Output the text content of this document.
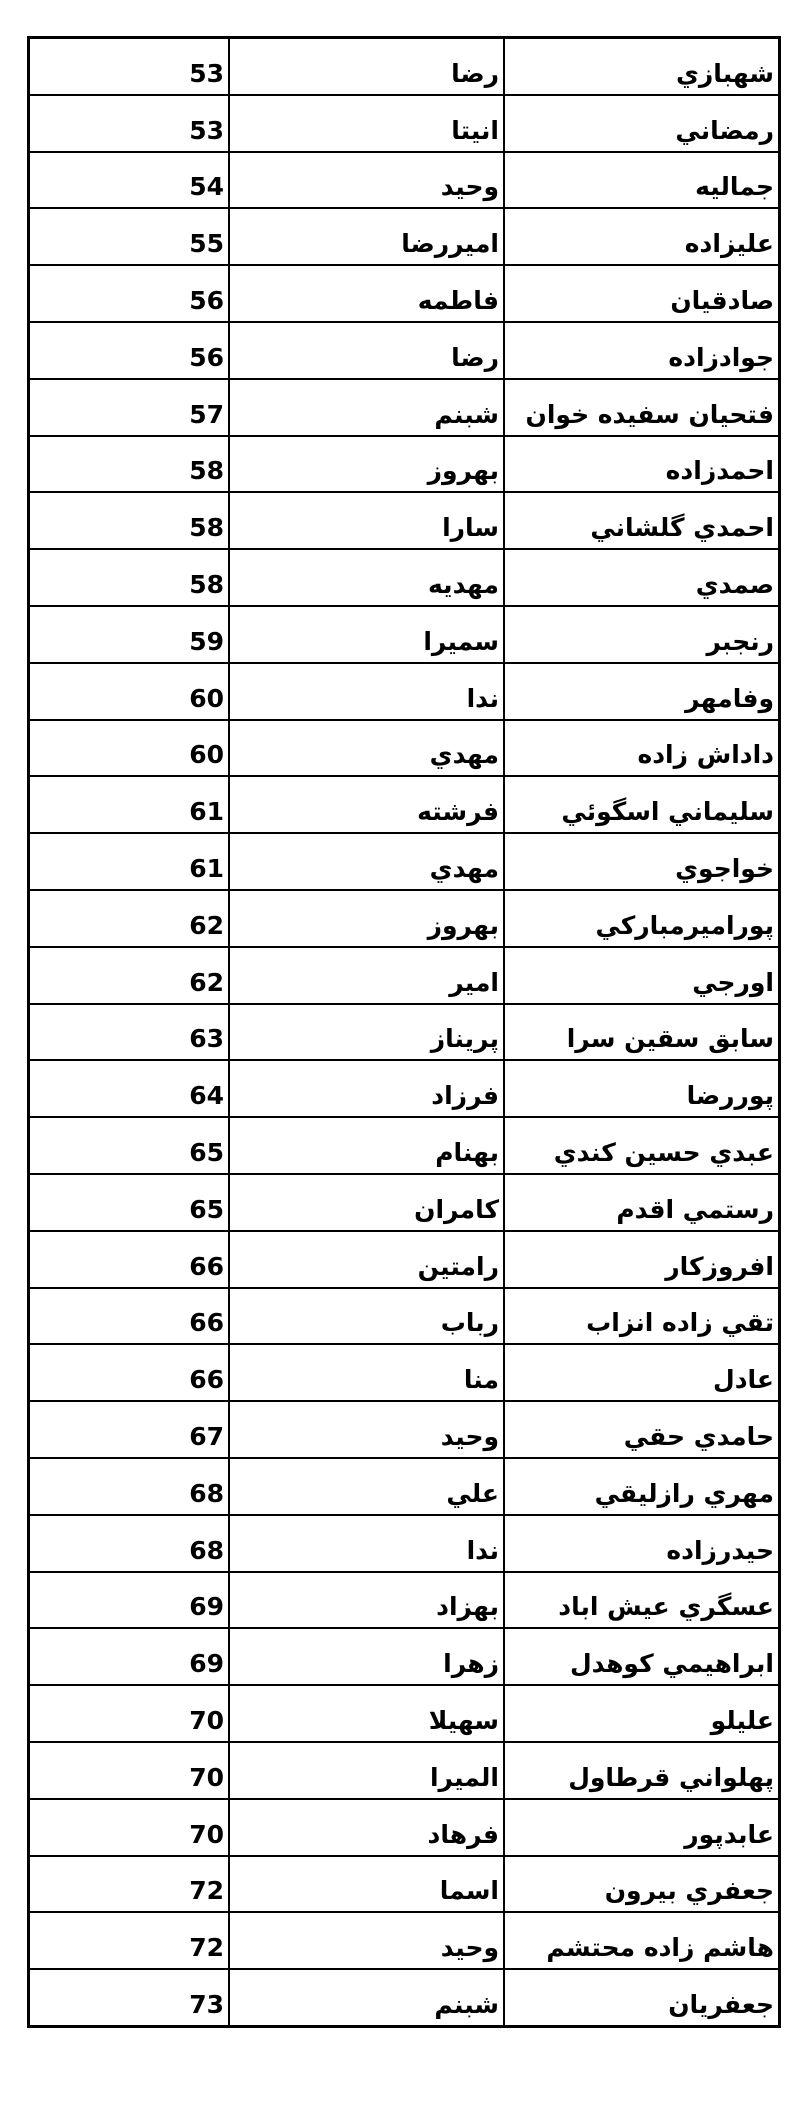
53	رضا	شهبازي
53	انيتا	رمضاني
54	وحيد	جماليه
55	اميررضا	عليزاده
56	فاطمه	صادقيان
56	رضا	جوادزاده
57	شبنم	فتحيان سفيده خوان
58	بهروز	احمدزاده
58	سارا	احمدي گلشاني
58	مهديه	صمدي
59	سميرا	رنجبر
60	ندا	وفامهر
60	مهدي	داداش زاده
61	فرشته	سليماني اسگوئي
61	مهدي	خواجوي
62	بهروز	پوراميرمباركي
62	امير	اورجي
63	پريناز	سابق سقين سرا
64	فرزاد	پوررضا
65	بهنام	عبدي حسين كندي
65	كامران	رستمي اقدم
66	رامتين	افروزكار
66	رباب	تقي زاده انزاب
66	منا	عادل
67	وحيد	حامدي حقي
68	علي	مهري رازليقي
68	ندا	حيدرزاده
69	بهزاد	عسگري عيش اباد
69	زهرا	ابراهيمي كوهدل
70	سهيلا	عليلو
70	الميرا	پهلواني قرطاول
70	فرهاد	عابدپور
72	اسما	جعفري بيرون
72	وحيد	هاشم زاده محتشم
73	شبنم	جعفريان
